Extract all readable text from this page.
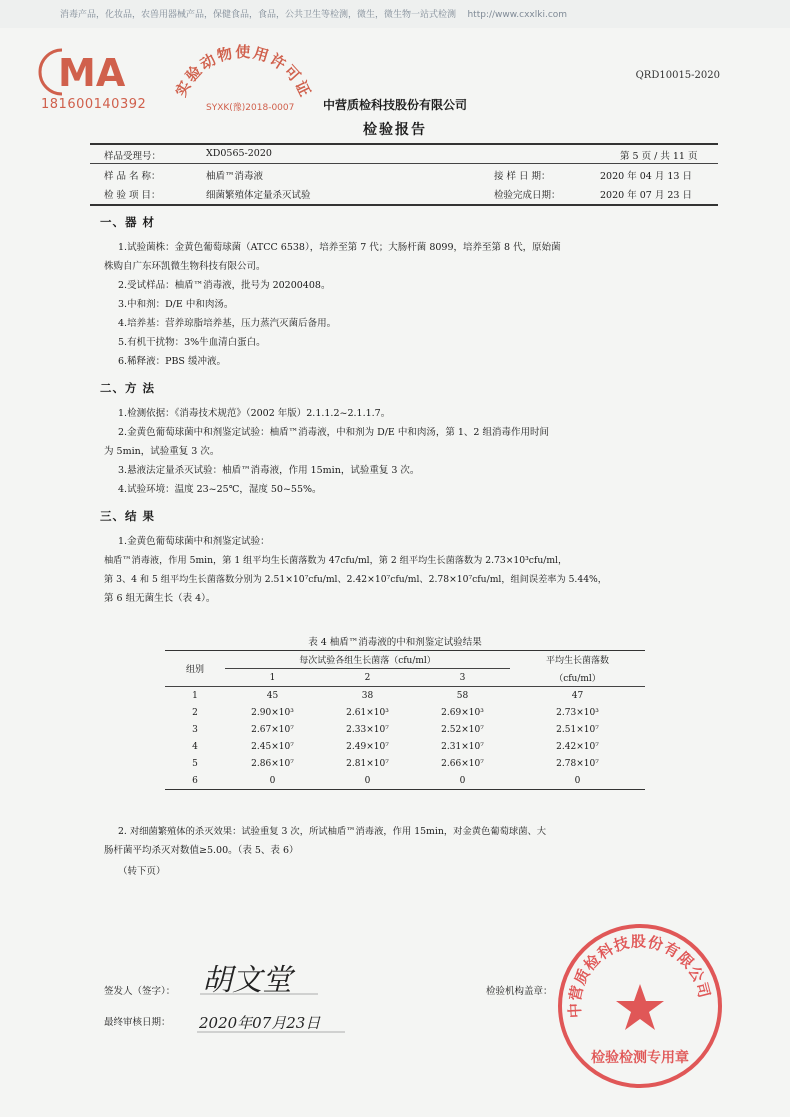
消毒产品，化妆品，农兽用器械产品，保健食品，食品，公共卫生等检测，微生，微生物一站式检测 http://www.cxxlki.com
MA
181600140392
实验动物使用许可证
SYXK(豫)2018-0007
QRD10015-2020
中营质检科技股份有限公司
检验报告
样品受理号：	XD0565-2020	第 5 页 / 共 11 页
样 品 名 称：	柚盾™消毒液	接 样 日 期：	2020 年 04 月 13 日
检 验 项 目：	细菌繁殖体定量杀灭试验	检验完成日期：	2020 年 07 月 23 日
一、器 材
1.试验菌株：金黄色葡萄球菌（ATCC 6538），培养至第 7 代；大肠杆菌 8099，培养至第 8 代，原始菌
株购自广东环凯微生物科技有限公司。
2.受试样品：柚盾™消毒液，批号为 20200408。
3.中和剂：D/E 中和肉汤。
4.培养基：营养琼脂培养基，压力蒸汽灭菌后备用。
5.有机干扰物：3%牛血清白蛋白。
6.稀释液：PBS 缓冲液。
二、方 法
1.检测依据：《消毒技术规范》（2002 年版）2.1.1.2~2.1.1.7。
2.金黄色葡萄球菌中和剂鉴定试验：柚盾™消毒液，中和剂为 D/E 中和肉汤，第 1、2 组消毒作用时间
为 5min，试验重复 3 次。
3.悬液法定量杀灭试验：柚盾™消毒液，作用 15min，试验重复 3 次。
4.试验环境：温度 23~25℃，湿度 50~55%。
三、结 果
1.金黄色葡萄球菌中和剂鉴定试验：
柚盾™消毒液，作用 5min，第 1 组平均生长菌落数为 47cfu/ml，第 2 组平均生长菌落数为 2.73×10³cfu/ml，
第 3、4 和 5 组平均生长菌落数分别为 2.51×10⁷cfu/ml、2.42×10⁷cfu/ml、2.78×10⁷cfu/ml，组间误差率为 5.44%，
第 6 组无菌生长（表 4）。
表 4 柚盾™消毒液的中和剂鉴定试验结果
组别	每次试验各组生长菌落（cfu/ml）			平均生长菌落数
	1	2	3	（cfu/ml）
1	45	38	58	47
2	2.90×10³	2.61×10³	2.69×10³	2.73×10³
3	2.67×10⁷	2.33×10⁷	2.52×10⁷	2.51×10⁷
4	2.45×10⁷	2.49×10⁷	2.31×10⁷	2.42×10⁷
5	2.86×10⁷	2.81×10⁷	2.66×10⁷	2.78×10⁷
6	0	0	0	0
2. 对细菌繁殖体的杀灭效果：试验重复 3 次，所试柚盾™消毒液，作用 15min，对金黄色葡萄球菌、大
肠杆菌平均杀灭对数值≥5.00。（表 5、表 6）
（转下页）
签发人（签字）： 胡文堂
最终审核日期： 2020年07月23日
检验机构盖章：
中营质检科技股份有限公司
检验检测专用章
